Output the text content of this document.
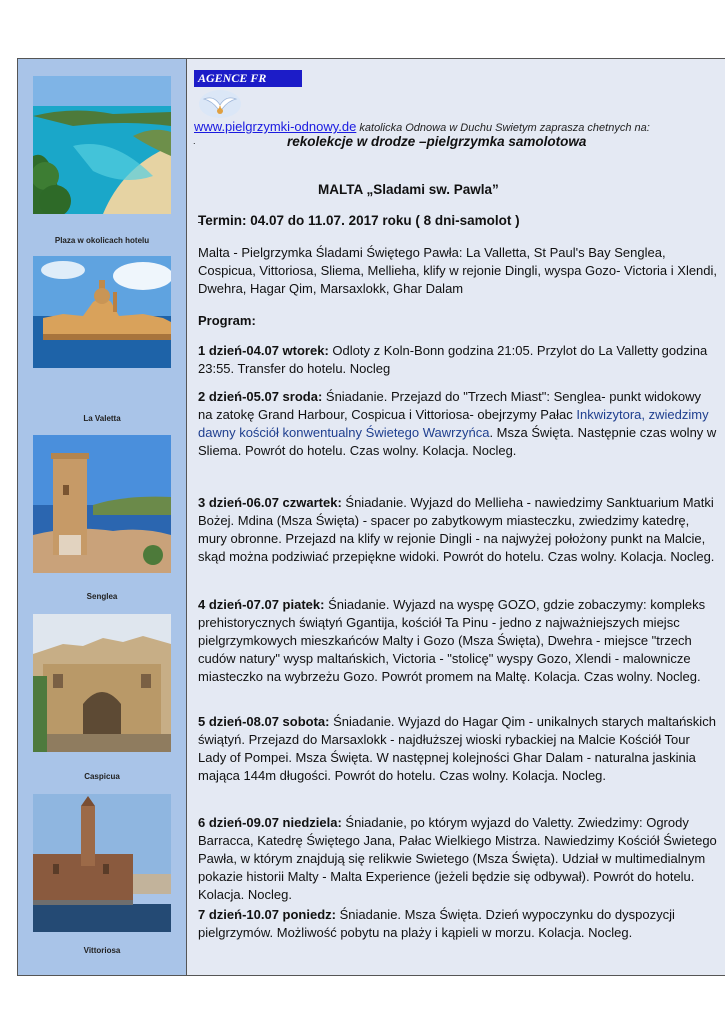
Plaza w okolicach hotelu
La Valetta
Senglea
Caspicua
Vittoriosa
AGENCE FR
www.pielgrzymki-odnowy.de katolicka Odnowa w Duchu Swietym zaprasza chetnych na:
.	rekolekcje w drodze –pielgrzymka samolotowa
MALTA „Sladami sw. Pawla”
Termin: 04.07 do 11.07. 2017 roku ( 8 dni-samolot )
Malta - Pielgrzymka Śladami Świętego Pawła: La Valletta, St Paul's Bay Senglea, Cospicua, Vittoriosa, Sliema, Mellieha, klify w rejonie Dingli, wyspa Gozo- Victoria i Xlendi, Dwehra, Hagar Qim, Marsaxlokk, Ghar Dalam
Program:
1 dzień-04.07 wtorek: Odloty z Koln-Bonn godzina 21:05. Przylot do La Valletty godzina 23:55. Transfer do hotelu. Nocleg
2 dzień-05.07 sroda: Śniadanie. Przejazd do "Trzech Miast": Senglea- punkt widokowy na zatokę Grand Harbour, Cospicua i Vittoriosa- obejrzymy Pałac Inkwizytora, zwiedzimy dawny kościół konwentualny Świetego Wawrzyńca. Msza Święta. Następnie czas wolny w Sliema. Powrót do hotelu. Czas wolny. Kolacja. Nocleg.
3 dzień-06.07 czwartek: Śniadanie. Wyjazd do Mellieha - nawiedzimy Sanktuarium Matki Bożej. Mdina (Msza Święta) - spacer po zabytkowym miasteczku, zwiedzimy katedrę, mury obronne. Przejazd na klify w rejonie Dingli - na najwyżej położony punkt na Malcie, skąd można podziwiać przepiękne widoki. Powrót do hotelu. Czas wolny. Kolacja. Nocleg.
4 dzień-07.07 piatek: Śniadanie. Wyjazd na wyspę GOZO, gdzie zobaczymy: kompleks prehistorycznych świątyń Ggantija, kościół Ta Pinu - jedno z najważniejszych miejsc pielgrzymkowych mieszkańców Malty i Gozo (Msza Święta), Dwehra - miejsce "trzech cudów natury" wysp maltańskich, Victoria - "stolicę" wyspy Gozo, Xlendi - malownicze miasteczko na wybrzeżu Gozo. Powrót promem na Maltę. Kolacja. Czas wolny. Nocleg.
5 dzień-08.07 sobota: Śniadanie. Wyjazd do Hagar Qim - unikalnych starych maltańskich świątyń. Przejazd do Marsaxlokk - najdłuższej wioski rybackiej na Malcie Kościół Tour Lady of Pompei. Msza Święta. W następnej kolejności Ghar Dalam - naturalna jaskinia mająca 144m długości. Powrót do hotelu. Czas wolny. Kolacja. Nocleg.
6 dzień-09.07 niedziela: Śniadanie, po którym wyjazd do Valetty. Zwiedzimy: Ogrody Barracca, Katedrę Świętego Jana, Pałac Wielkiego Mistrza. Nawiedzimy Kościół Świetego Pawła, w którym znajdują się relikwie Swietego (Msza Święta). Udział w multimedialnym pokazie historii Malty - Malta Experience (jeżeli będzie się odbywał). Powrót do hotelu. Kolacja. Nocleg.
7 dzień-10.07 poniedz: Śniadanie. Msza Święta. Dzień wypoczynku do dyspozycji pielgrzymów. Możliwość pobytu na plaży i kąpieli w morzu. Kolacja. Nocleg.
